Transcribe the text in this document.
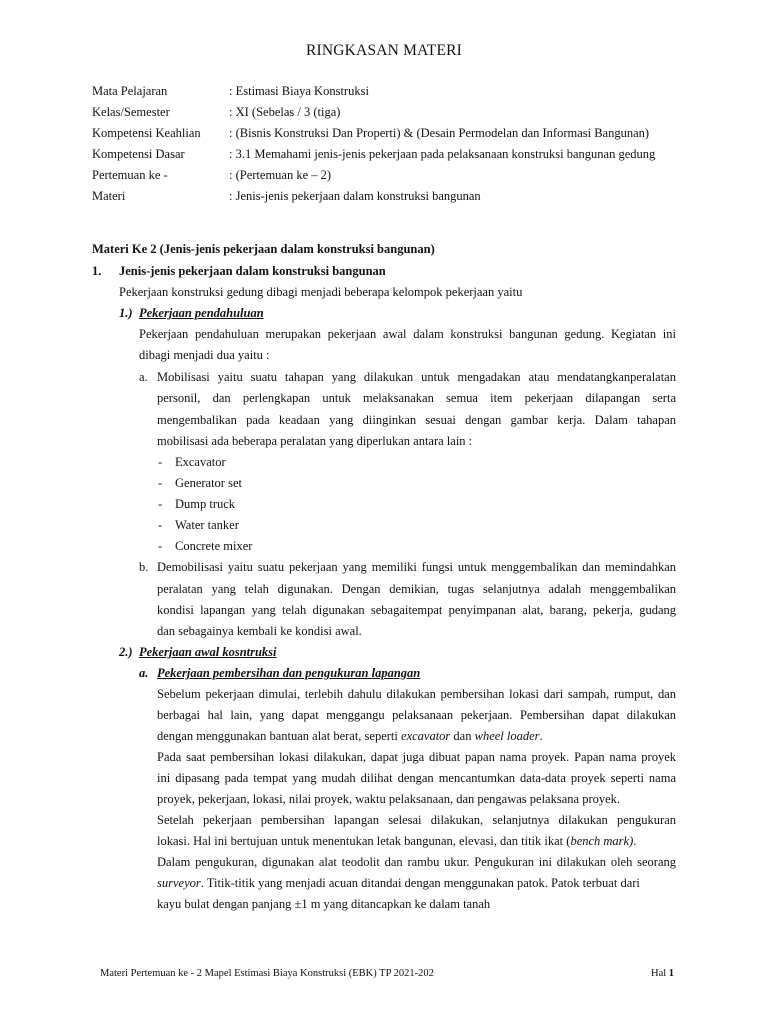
RINGKASAN MATERI
Mata Pelajaran	: Estimasi Biaya Konstruksi
Kelas/Semester	: XI (Sebelas / 3 (tiga)
Kompetensi Keahlian : (Bisnis Konstruksi Dan Properti) & (Desain Permodelan dan Informasi Bangunan)
Kompetensi Dasar	: 3.1 Memahami jenis-jenis pekerjaan pada pelaksanaan konstruksi bangunan gedung
Pertemuan ke -	: (Pertemuan ke – 2)
Materi	: Jenis-jenis pekerjaan dalam konstruksi bangunan
Materi Ke 2 (Jenis-jenis pekerjaan dalam konstruksi bangunan)
1. Jenis-jenis pekerjaan dalam konstruksi bangunan
Pekerjaan konstruksi gedung dibagi menjadi beberapa kelompok pekerjaan yaitu
1.) Pekerjaan pendahuluan
Pekerjaan pendahuluan merupakan pekerjaan awal dalam konstruksi bangunan gedung. Kegiatan ini
dibagi menjadi dua yaitu :
a. Mobilisasi yaitu suatu tahapan yang dilakukan untuk mengadakan atau mendatangkanperalatan
personil, dan perlengkapan untuk melaksanakan semua item pekerjaan dilapangan serta
mengembalikan pada keadaan yang diinginkan sesuai dengan gambar kerja. Dalam tahapan
mobilisasi ada beberapa peralatan yang diperlukan antara lain :
- Excavator
- Generator set
- Dump truck
- Water tanker
- Concrete mixer
b. Demobilisasi yaitu suatu pekerjaan yang memiliki fungsi untuk menggembalikan dan memindahkan
peralatan yang telah digunakan. Dengan demikian, tugas selanjutnya adalah menggembalikan
kondisi lapangan yang telah digunakan sebagaitempat penyimpanan alat, barang, pekerja, gudang
dan sebagainya kembali ke kondisi awal.
2.) Pekerjaan awal kosntruksi
a. Pekerjaan pembersihan dan pengukuran lapangan
Sebelum pekerjaan dimulai, terlebih dahulu dilakukan pembersihan lokasi dari sampah, rumput, dan
berbagai hal lain, yang dapat menggangu pelaksanaan pekerjaan. Pembersihan dapat dilakukan
dengan menggunakan bantuan alat berat, seperti excavator dan wheel loader.
Pada saat pembersihan lokasi dilakukan, dapat juga dibuat papan nama proyek. Papan nama proyek
ini dipasang pada tempat yang mudah dilihat dengan mencantumkan data-data proyek seperti nama
proyek, pekerjaan, lokasi, nilai proyek, waktu pelaksanaan, dan pengawas pelaksana proyek.
Setelah pekerjaan pembersihan lapangan selesai dilakukan, selanjutnya dilakukan pengukuran
lokasi. Hal ini bertujuan untuk menentukan letak bangunan, elevasi, dan titik ikat (bench mark).
Dalam pengukuran, digunakan alat teodolit dan rambu ukur. Pengukuran ini dilakukan oleh seorang
surveyor. Titik-titik yang menjadi acuan ditandai dengan menggunakan patok. Patok terbuat dari
kayu bulat dengan panjang ±1 m yang ditancapkan ke dalam tanah
Materi Pertemuan ke - 2 Mapel Estimasi Biaya Konstruksi (EBK) TP 2021-202	Hal 1
